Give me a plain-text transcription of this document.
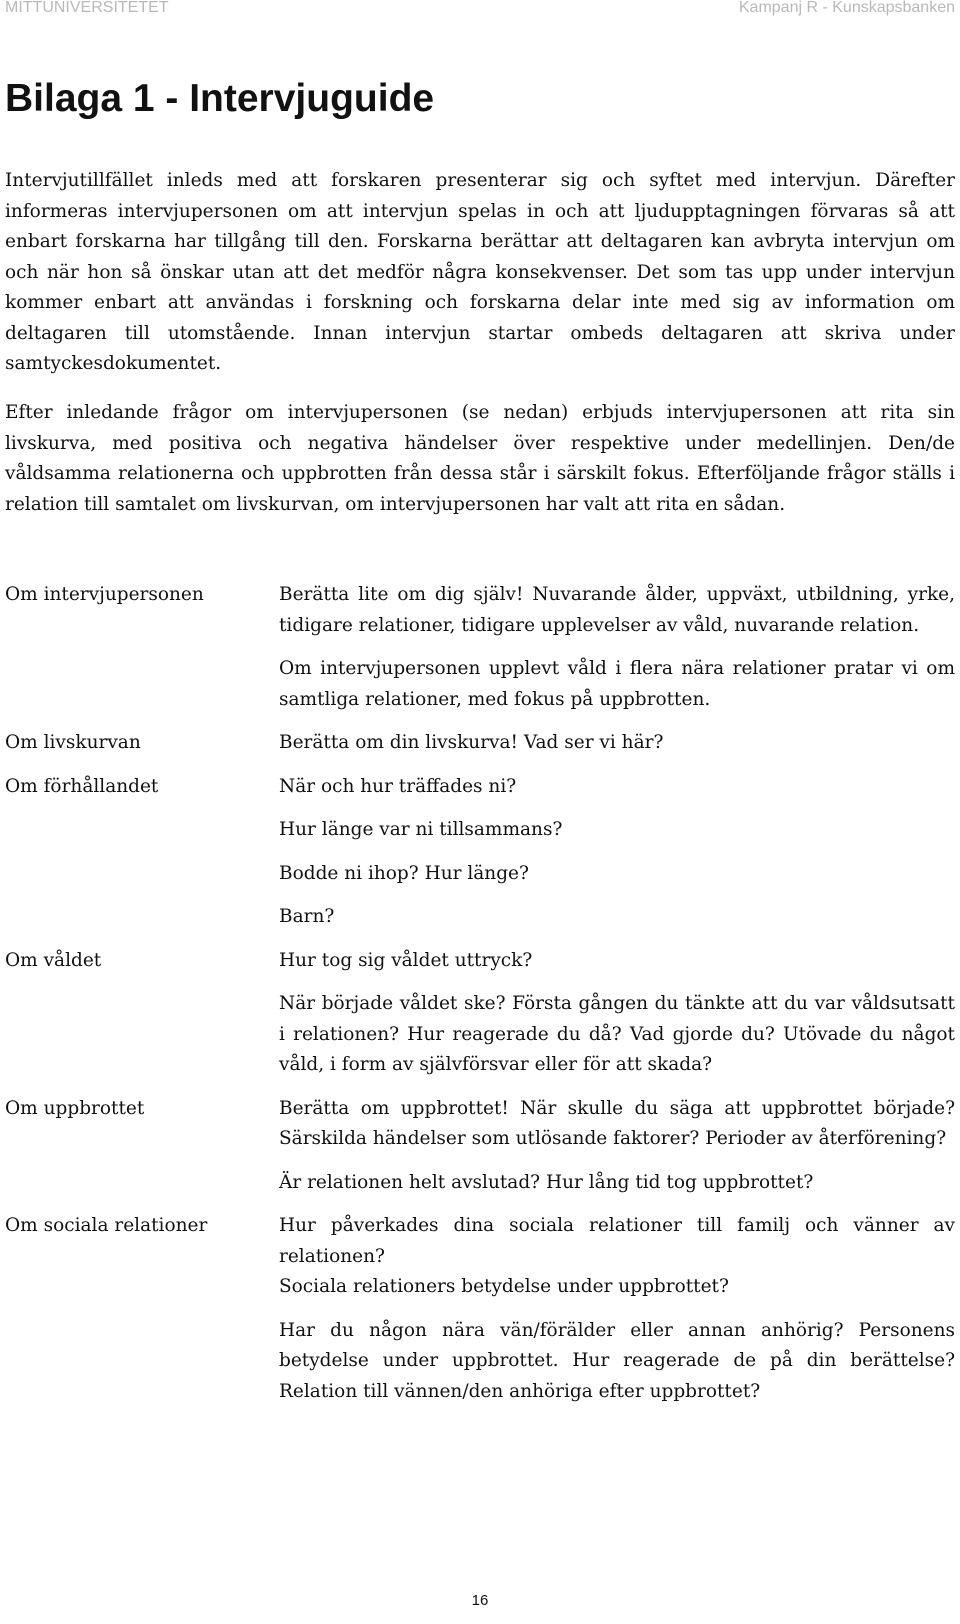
MITTUNIVERSITETET	Kampanj R - Kunskapsbanken
Bilaga 1 - Intervjuguide

Intervjutillfället inleds med att forskaren presenterar sig och syftet med intervjun. Därefter informeras intervjupersonen om att intervjun spelas in och att ljudupptagningen förvaras så att enbart forskarna har tillgång till den. Forskarna berättar att deltagaren kan avbryta intervjun om och när hon så önskar utan att det medför några konsekvenser. Det som tas upp under intervjun kommer enbart att användas i forskning och forskarna delar inte med sig av information om deltagaren till utomstående. Innan intervjun startar ombeds deltagaren att skriva under samtyckesdokumentet.

Efter inledande frågor om intervjupersonen (se nedan) erbjuds intervjupersonen att rita sin livskurva, med positiva och negativa händelser över respektive under medellinjen. Den/de våldsamma relationerna och uppbrotten från dessa står i särskilt fokus. Efterföljande frågor ställs i relation till samtalet om livskurvan, om intervjupersonen har valt att rita en sådan.

Om intervjupersonen	Berätta lite om dig själv! Nuvarande ålder, uppväxt, utbildning, yrke, tidigare relationer, tidigare upplevelser av våld, nuvarande relation.

Om intervjupersonen upplevt våld i flera nära relationer pratar vi om samtliga relationer, med fokus på uppbrotten.

Om livskurvan	Berätta om din livskurva! Vad ser vi här?

Om förhållandet	När och hur träffades ni?

Hur länge var ni tillsammans?

Bodde ni ihop? Hur länge?

Barn?

Om våldet	Hur tog sig våldet uttryck?

När började våldet ske? Första gången du tänkte att du var våldsutsatt i relationen? Hur reagerade du då? Vad gjorde du? Utövade du något våld, i form av självförsvar eller för att skada?

Om uppbrottet	Berätta om uppbrottet! När skulle du säga att uppbrottet började? Särskilda händelser som utlösande faktorer? Perioder av återförening?

Är relationen helt avslutad? Hur lång tid tog uppbrottet?

Om sociala relationer	Hur påverkades dina sociala relationer till familj och vänner av relationen?
Sociala relationers betydelse under uppbrottet?

Har du någon nära vän/förälder eller annan anhörig? Personens betydelse under uppbrottet. Hur reagerade de på din berättelse? Relation till vännen/den anhöriga efter uppbrottet?

16
